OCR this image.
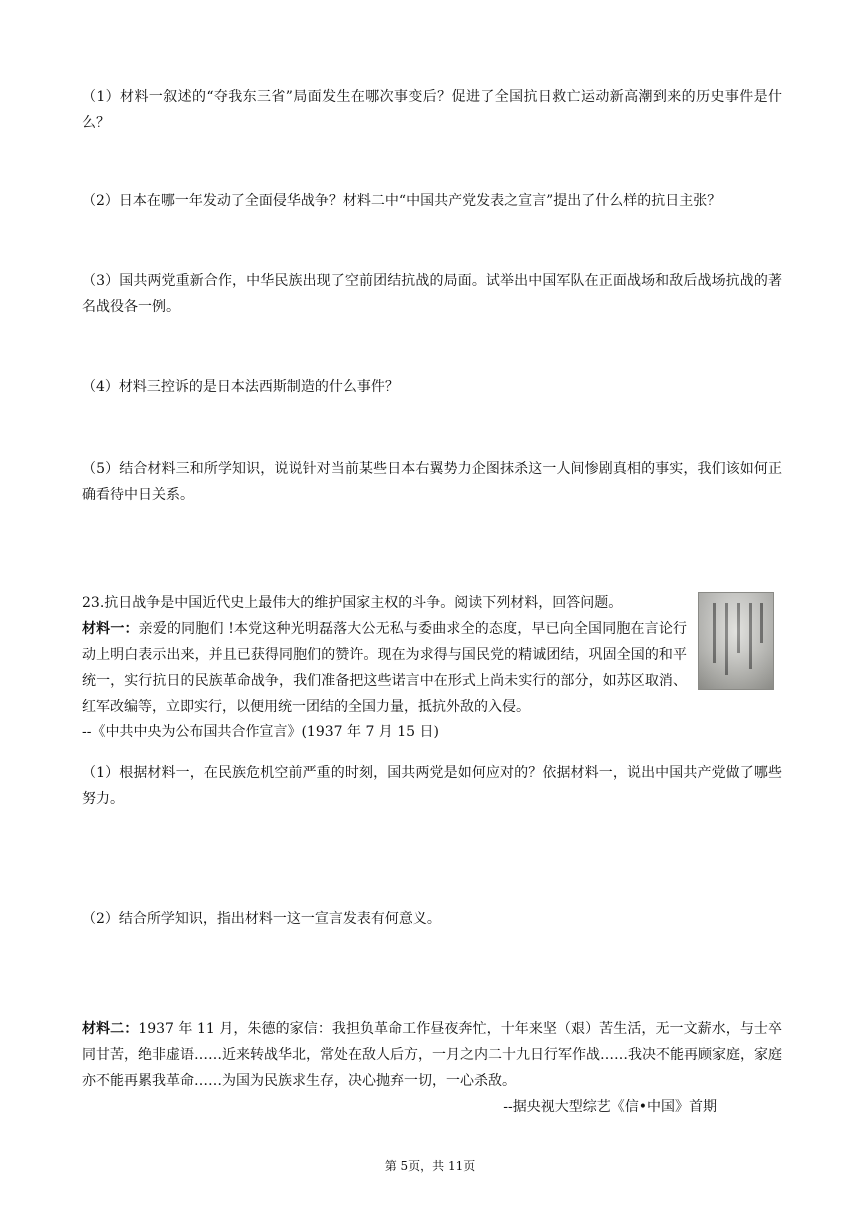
（1）材料一叙述的“夺我东三省”局面发生在哪次事变后？促进了全国抗日救亡运动新高潮到来的历史事件是什么？

（2）日本在哪一年发动了全面侵华战争？材料二中“中国共产党发表之宣言”提出了什么样的抗日主张？

（3）国共两党重新合作，中华民族出现了空前团结抗战的局面。试举出中国军队在正面战场和敌后战场抗战的著名战役各一例。

（4）材料三控诉的是日本法西斯制造的什么事件？

（5）结合材料三和所学知识，说说针对当前某些日本右翼势力企图抹杀这一人间惨剧真相的事实，我们该如何正确看待中日关系。

23.抗日战争是中国近代史上最伟大的维护国家主权的斗争。阅读下列材料，回答问题。

材料一：亲爱的同胞们 !本党这种光明磊落大公无私与委曲求全的态度，早已向全国同胞在言论行动上明白表示出来，并且已获得同胞们的赞许。现在为求得与国民党的精诚团结，巩固全国的和平统一，实行抗日的民族革命战争，我们准备把这些诺言中在形式上尚未实行的部分，如苏区取消、红军改编等，立即实行，以便用统一团结的全国力量，抵抗外敌的入侵。

--《中共中央为公布国共合作宣言》(1937 年 7 月 15 日)

（1）根据材料一，在民族危机空前严重的时刻，国共两党是如何应对的？依据材料一，说出中国共产党做了哪些努力。

（2）结合所学知识，指出材料一这一宣言发表有何意义。

材料二：1937 年 11 月，朱德的家信：我担负革命工作昼夜奔忙，十年来坚（艰）苦生活，无一文薪水，与士卒同甘苦，绝非虚语……近来转战华北，常处在敌人后方，一月之内二十九日行军作战……我决不能再顾家庭，家庭亦不能再累我革命……为国为民族求生存，决心抛弃一切，一心杀敌。

--据央视大型综艺《信•中国》首期

第 5页，共 11页
